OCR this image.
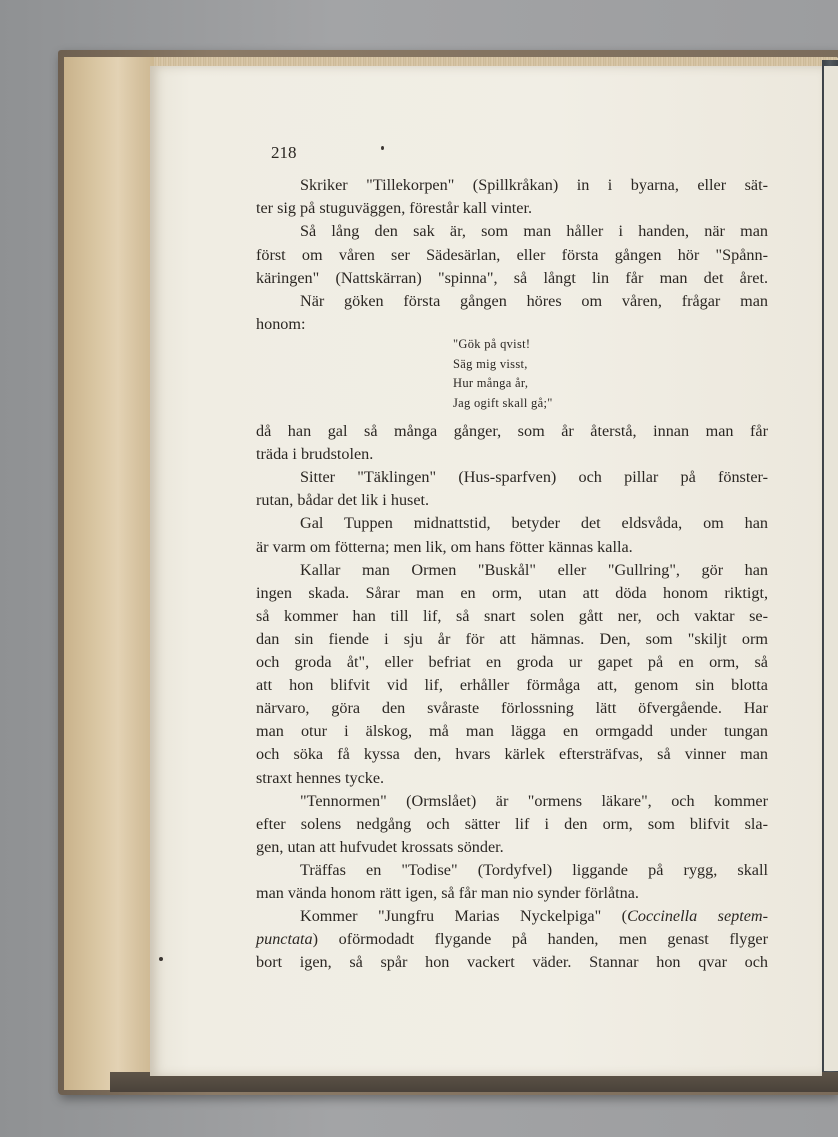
218
Skriker "Tillekorpen" (Spillkråkan) in i byarna, eller sät-
ter sig på stuguväggen, förestår kall vinter.
Så lång den sak är, som man håller i handen, när man
först om våren ser Sädesärlan, eller första gången hör "Spånn-
käringen" (Nattskärran) "spinna", så långt lin får man det året.
När göken första gången höres om våren, frågar man
honom:
"Gök på qvist!
Säg mig visst,
Hur många år,
Jag ogift skall gå;"
då han gal så många gånger, som år återstå, innan man får
träda i brudstolen.
Sitter "Täklingen" (Hus-sparfven) och pillar på fönster-
rutan, bådar det lik i huset.
Gal Tuppen midnattstid, betyder det eldsvåda, om han
är varm om fötterna; men lik, om hans fötter kännas kalla.
Kallar man Ormen "Buskål" eller "Gullring", gör han
ingen skada. Sårar man en orm, utan att döda honom riktigt,
så kommer han till lif, så snart solen gått ner, och vaktar se-
dan sin fiende i sju år för att hämnas. Den, som "skiljt orm
och groda åt", eller befriat en groda ur gapet på en orm, så
att hon blifvit vid lif, erhåller förmåga att, genom sin blotta
närvaro, göra den svåraste förlossning lätt öfvergående. Har
man otur i älskog, må man lägga en ormgadd under tungan
och söka få kyssa den, hvars kärlek eftersträfvas, så vinner man
straxt hennes tycke.
"Tennormen" (Ormslået) är "ormens läkare", och kommer
efter solens nedgång och sätter lif i den orm, som blifvit sla-
gen, utan att hufvudet krossats sönder.
Träffas en "Todise" (Tordyfvel) liggande på rygg, skall
man vända honom rätt igen, så får man nio synder förlåtna.
Kommer "Jungfru Marias Nyckelpiga" (Coccinella septem-
punctata) oförmodadt flygande på handen, men genast flyger
bort igen, så spår hon vackert väder. Stannar hon qvar och
